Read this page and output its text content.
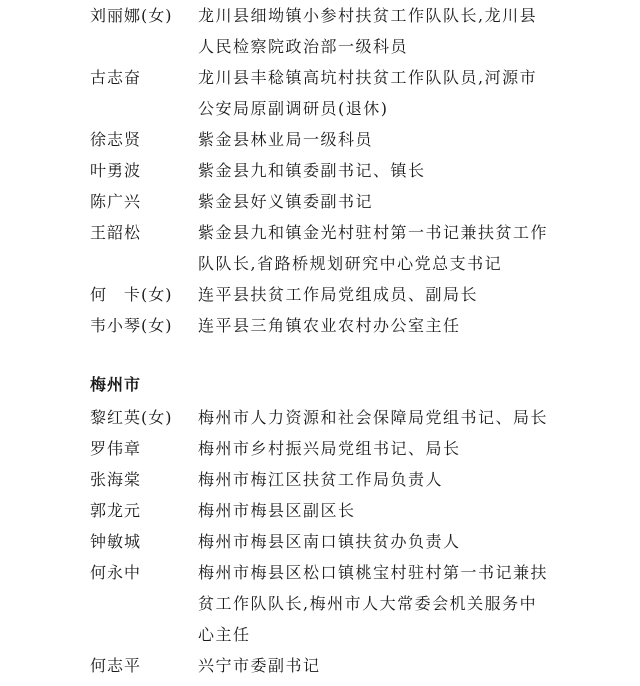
刘丽娜(女) 龙川县细坳镇小参村扶贫工作队队长,龙川县人民检察院政治部一级科员
古志奋	龙川县丰稔镇高坑村扶贫工作队队员,河源市公安局原副调研员(退休)
徐志贤	紫金县林业局一级科员
叶勇波	紫金县九和镇委副书记、镇长
陈广兴	紫金县好义镇委副书记
王韶松	紫金县九和镇金光村驻村第一书记兼扶贫工作队队长,省路桥规划研究中心党总支书记
何　卡(女) 连平县扶贫工作局党组成员、副局长
韦小琴(女) 连平县三角镇农业农村办公室主任
梅州市
黎红英(女) 梅州市人力资源和社会保障局党组书记、局长
罗伟章	梅州市乡村振兴局党组书记、局长
张海棠	梅州市梅江区扶贫工作局负责人
郭龙元	梅州市梅县区副区长
钟敏城	梅州市梅县区南口镇扶贫办负责人
何永中	梅州市梅县区松口镇桃宝村驻村第一书记兼扶贫工作队队长,梅州市人大常委会机关服务中心主任
何志平	兴宁市委副书记
